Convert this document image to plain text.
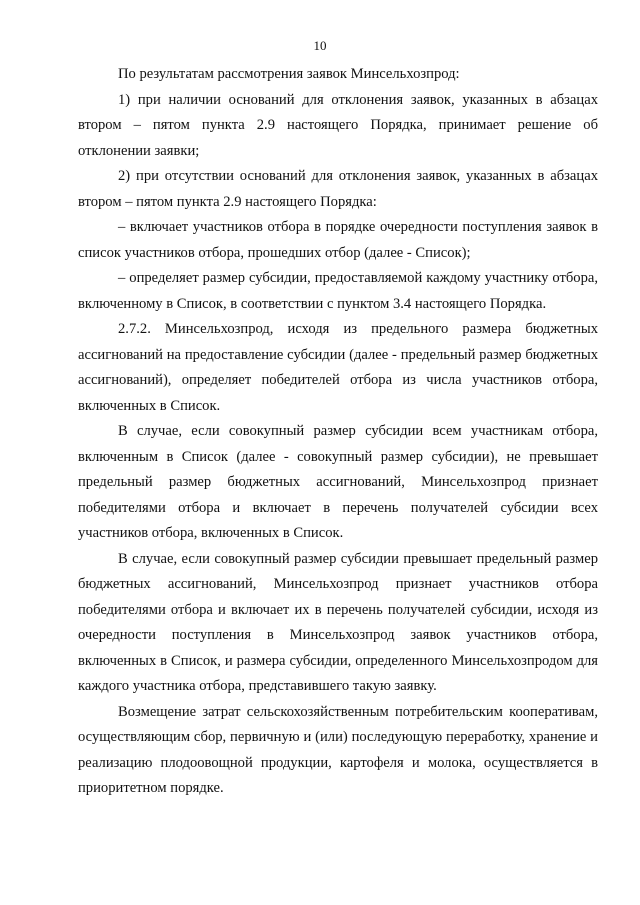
10

По результатам рассмотрения заявок Минсельхозпрод:

1) при наличии оснований для отклонения заявок, указанных в абзацах втором – пятом пункта 2.9 настоящего Порядка, принимает решение об отклонении заявки;

2) при отсутствии оснований для отклонения заявок, указанных в абзацах втором – пятом пункта 2.9 настоящего Порядка:

– включает участников отбора в порядке очередности поступления заявок в список участников отбора, прошедших отбор (далее - Список);

– определяет размер субсидии, предоставляемой каждому участнику отбора, включенному в Список, в соответствии с пунктом 3.4 настоящего Порядка.

2.7.2. Минсельхозпрод, исходя из предельного размера бюджетных ассигнований на предоставление субсидии (далее - предельный размер бюджетных ассигнований), определяет победителей отбора из числа участников отбора, включенных в Список.

В случае, если совокупный размер субсидии всем участникам отбора, включенным в Список (далее - совокупный размер субсидии), не превышает предельный размер бюджетных ассигнований, Минсельхозпрод признает победителями отбора и включает в перечень получателей субсидии всех участников отбора, включенных в Список.

В случае, если совокупный размер субсидии превышает предельный размер бюджетных ассигнований, Минсельхозпрод признает участников отбора победителями отбора и включает их в перечень получателей субсидии, исходя из очередности поступления в Минсельхозпрод заявок участников отбора, включенных в Список, и размера субсидии, определенного Минсельхозпродом для каждого участника отбора, представившего такую заявку.

Возмещение затрат сельскохозяйственным потребительским кооперативам, осуществляющим сбор, первичную и (или) последующую переработку, хранение и реализацию плодоовощной продукции, картофеля и молока, осуществляется в приоритетном порядке.
